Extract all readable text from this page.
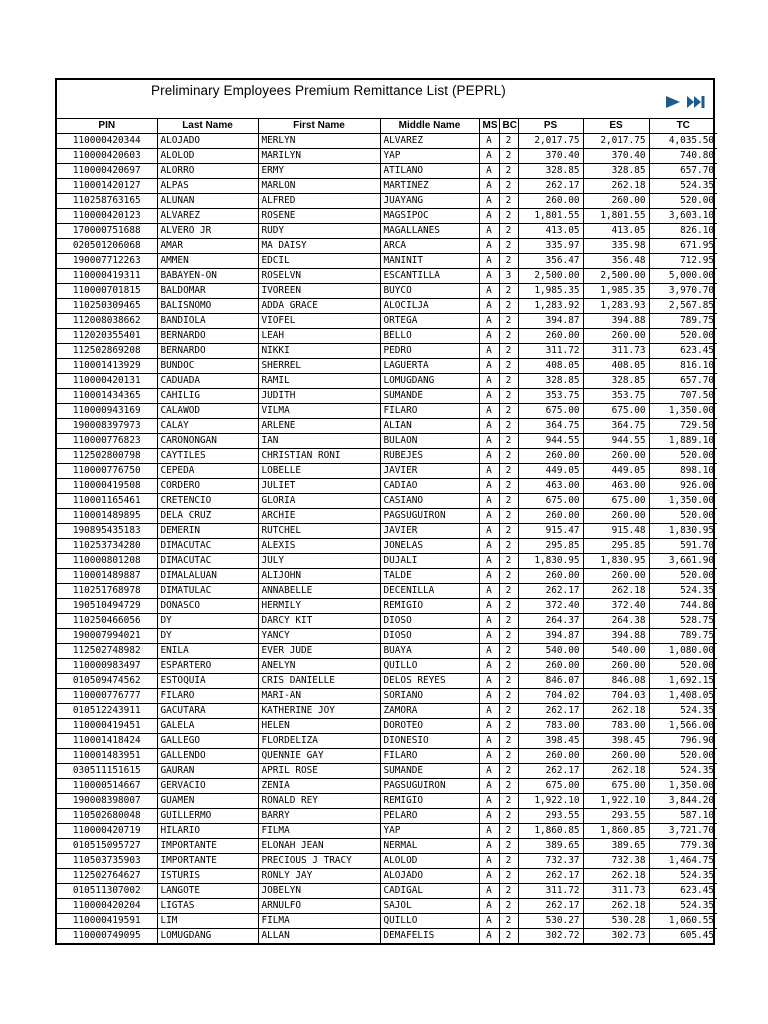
Preliminary Employees Premium Remittance List (PEPRL)
PIN	Last Name	First Name	Middle Name	MS	BC	PS	ES	TC
110000420344	ALOJADO	MERLYN	ALVAREZ	A	2	2,017.75	2,017.75	4,035.50
110000420603	ALOLOD	MARILYN	YAP	A	2	370.40	370.40	740.80
110000420697	ALORRO	ERMY	ATILANO	A	2	328.85	328.85	657.70
110001420127	ALPAS	MARLON	MARTINEZ	A	2	262.17	262.18	524.35
110258763165	ALUNAN	ALFRED	JUAYANG	A	2	260.00	260.00	520.00
110000420123	ALVAREZ	ROSENE	MAGSIPOC	A	2	1,801.55	1,801.55	3,603.10
170000751688	ALVERO JR	RUDY	MAGALLANES	A	2	413.05	413.05	826.10
020501206068	AMAR	MA DAISY	ARCA	A	2	335.97	335.98	671.95
190007712263	AMMEN	EDCIL	MANINIT	A	2	356.47	356.48	712.95
110000419311	BABAYEN-ON	ROSELVN	ESCANTILLA	A	3	2,500.00	2,500.00	5,000.00
110000701815	BALDOMAR	IVOREEN	BUYCO	A	2	1,985.35	1,985.35	3,970.70
110250309465	BALISNOMO	ADDA GRACE	ALOCILJA	A	2	1,283.92	1,283.93	2,567.85
112008038662	BANDIOLA	VIOFEL	ORTEGA	A	2	394.87	394.88	789.75
112020355401	BERNARDO	LEAH	BELLO	A	2	260.00	260.00	520.00
112502869208	BERNARDO	NIKKI	PEDRO	A	2	311.72	311.73	623.45
110001413929	BUNDOC	SHERREL	LAGUERTA	A	2	408.05	408.05	816.10
110000420131	CADUADA	RAMIL	LOMUGDANG	A	2	328.85	328.85	657.70
110001434365	CAHILIG	JUDITH	SUMANDE	A	2	353.75	353.75	707.50
110000943169	CALAWOD	VILMA	FILARO	A	2	675.00	675.00	1,350.00
190008397973	CALAY	ARLENE	ALIAN	A	2	364.75	364.75	729.50
110000776823	CARONONGAN	IAN	BULAON	A	2	944.55	944.55	1,889.10
112502800798	CAYTILES	CHRISTIAN RONI	RUBEJES	A	2	260.00	260.00	520.00
110000776750	CEPEDA	LOBELLE	JAVIER	A	2	449.05	449.05	898.10
110000419508	CORDERO	JULIET	CADIAO	A	2	463.00	463.00	926.00
110001165461	CRETENCIO	GLORIA	CASIANO	A	2	675.00	675.00	1,350.00
110001489895	DELA CRUZ	ARCHIE	PAGSUGUIRON	A	2	260.00	260.00	520.00
190895435183	DEMERIN	RUTCHEL	JAVIER	A	2	915.47	915.48	1,830.95
110253734280	DIMACUTAC	ALEXIS	JONELAS	A	2	295.85	295.85	591.70
110000801208	DIMACUTAC	JULY	DUJALI	A	2	1,830.95	1,830.95	3,661.90
110001489887	DIMALALUAN	ALIJOHN	TALDE	A	2	260.00	260.00	520.00
110251768978	DIMATULAC	ANNABELLE	DECENILLA	A	2	262.17	262.18	524.35
190510494729	DONASCO	HERMILY	REMIGIO	A	2	372.40	372.40	744.80
110250466056	DY	DARCY KIT	DIOSO	A	2	264.37	264.38	528.75
190007994021	DY	YANCY	DIOSO	A	2	394.87	394.88	789.75
112502748982	ENILA	EVER JUDE	BUAYA	A	2	540.00	540.00	1,080.00
110000983497	ESPARTERO	ANELYN	QUILLO	A	2	260.00	260.00	520.00
010509474562	ESTOQUIA	CRIS DANIELLE	DELOS REYES	A	2	846.07	846.08	1,692.15
110000776777	FILARO	MARI-AN	SORIANO	A	2	704.02	704.03	1,408.05
010512243911	GACUTARA	KATHERINE JOY	ZAMORA	A	2	262.17	262.18	524.35
110000419451	GALELA	HELEN	DOROTEO	A	2	783.00	783.00	1,566.00
110001418424	GALLEGO	FLORDELIZA	DIONESIO	A	2	398.45	398.45	796.90
110001483951	GALLENDO	QUENNIE GAY	FILARO	A	2	260.00	260.00	520.00
030511151615	GAURAN	APRIL ROSE	SUMANDE	A	2	262.17	262.18	524.35
110000514667	GERVACIO	ZENIA	PAGSUGUIRON	A	2	675.00	675.00	1,350.00
190008398007	GUAMEN	RONALD REY	REMIGIO	A	2	1,922.10	1,922.10	3,844.20
110502680048	GUILLERMO	BARRY	PELARO	A	2	293.55	293.55	587.10
110000420719	HILARIO	FILMA	YAP	A	2	1,860.85	1,860.85	3,721.70
010515095727	IMPORTANTE	ELONAH JEAN	NERMAL	A	2	389.65	389.65	779.30
110503735903	IMPORTANTE	PRECIOUS J TRACY	ALOLOD	A	2	732.37	732.38	1,464.75
112502764627	ISTURIS	RONLY JAY	ALOJADO	A	2	262.17	262.18	524.35
010511307002	LANGOTE	JOBELYN	CADIGAL	A	2	311.72	311.73	623.45
110000420204	LIGTAS	ARNULFO	SAJOL	A	2	262.17	262.18	524.35
110000419591	LIM	FILMA	QUILLO	A	2	530.27	530.28	1,060.55
110000749095	LOMUGDANG	ALLAN	DEMAFELIS	A	2	302.72	302.73	605.45
